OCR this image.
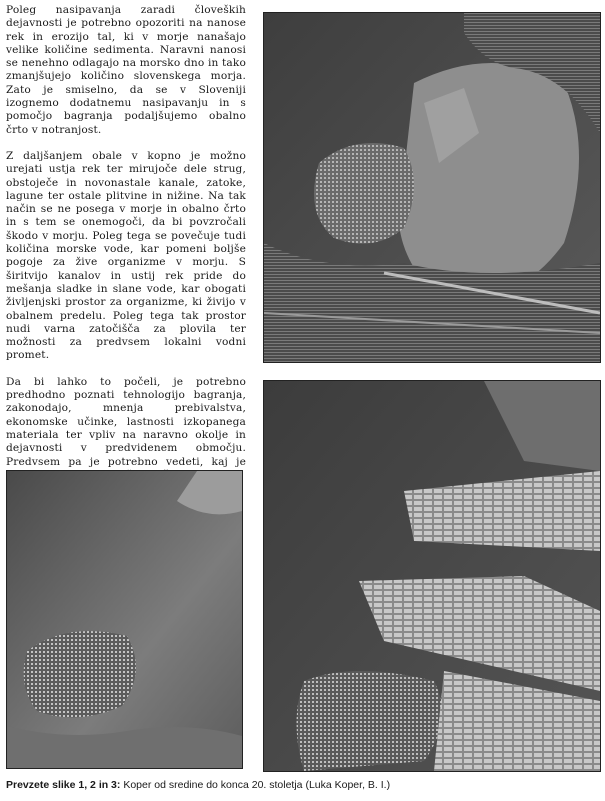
Poleg nasipavanja zaradi človeških dejavnosti je potrebno opozoriti na nanose rek in erozijo tal, ki v morje nanašajo velike količine sedimenta. Naravni nanosi se nenehno odlagajo na morsko dno in tako zmanjšujejo količino slovenskega morja. Zato je smiselno, da se v Sloveniji izognemo dodatnemu nasipavanju in s pomočjo bagranja podaljšujemo obalno črto v notranjost.

Z daljšanjem obale v kopno je možno urejati ustja rek ter mirujoče dele strug, obstoječe in novonastale kanale, zatoke, lagune ter ostale plitvine in nižine. Na tak način se ne posega v morje in obalno črto in s tem se onemogoči, da bi povzročali škodo v morju. Poleg tega se povečuje tudi količina morske vode, kar pomeni boljše pogoje za žive organizme v morju. S širitvijo kanalov in ustij rek pride do mešanja sladke in slane vode, kar obogati življenjski prostor za organizme, ki živijo v obalnem predelu. Poleg tega tak prostor nudi varna zatočišča za plovila ter možnosti za predvsem lokalni vodni promet.

Da bi lahko to počeli, je potrebno predhodno poznati tehnologijo bagranja, zakonodajo, mnenja prebivalstva, ekonomske učinke, lastnosti izkopanega materiala ter vpliv na naravno okolje in dejavnosti v predvidenem območju. Predvsem pa je potrebno vedeti, kaj je

Prevzete slike 1, 2 in 3: Koper od sredine do konca 20. stoletja (Luka Koper, B. I.)
